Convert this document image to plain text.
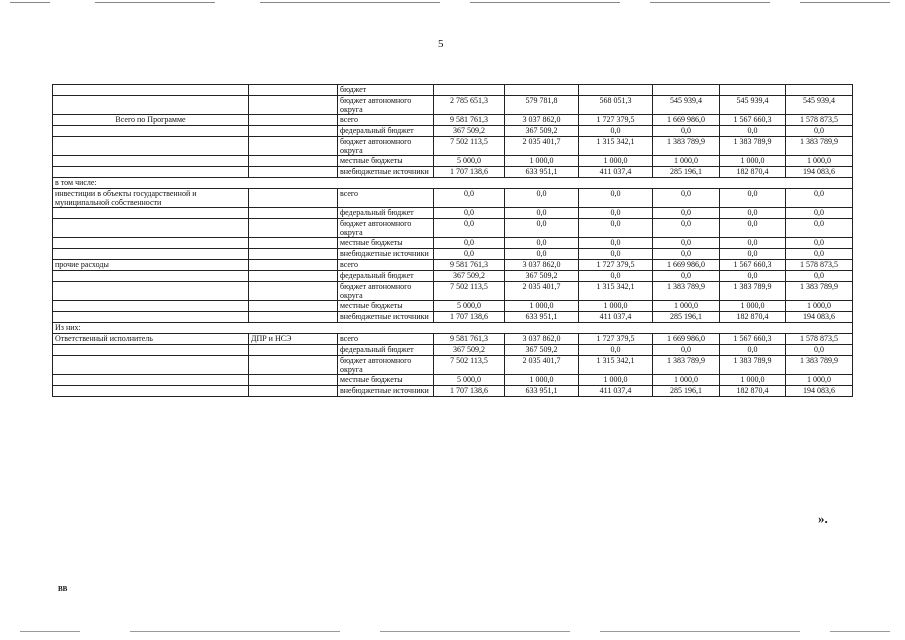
5
		бюджет						
		бюджет автономного округа	2 785 651,3	579 781,8	568 051,3	545 939,4	545 939,4	545 939,4
Всего по Программе		всего	9 581 761,3	3 037 862,0	1 727 379,5	1 669 986,0	1 567 660,3	1 578 873,5
		федеральный бюджет	367 509,2	367 509,2	0,0	0,0	0,0	0,0
		бюджет автономного округа	7 502 113,5	2 035 401,7	1 315 342,1	1 383 789,9	1 383 789,9	1 383 789,9
		местные бюджеты	5 000,0	1 000,0	1 000,0	1 000,0	1 000,0	1 000,0
		внебюджетные источники	1 707 138,6	633 951,1	411 037,4	285 196,1	182 870,4	194 083,6
в том числе:								
инвестиции в объекты государственной и муниципальной собственности		всего	0,0	0,0	0,0	0,0	0,0	0,0
		федеральный бюджет	0,0	0,0	0,0	0,0	0,0	0,0
		бюджет автономного округа	0,0	0,0	0,0	0,0	0,0	0,0
		местные бюджеты	0,0	0,0	0,0	0,0	0,0	0,0
		внебюджетные источники	0,0	0,0	0,0	0,0	0,0	0,0
прочие расходы		всего	9 581 761,3	3 037 862,0	1 727 379,5	1 669 986,0	1 567 660,3	1 578 873,5
		федеральный бюджет	367 509,2	367 509,2	0,0	0,0	0,0	0,0
		бюджет автономного округа	7 502 113,5	2 035 401,7	1 315 342,1	1 383 789,9	1 383 789,9	1 383 789,9
		местные бюджеты	5 000,0	1 000,0	1 000,0	1 000,0	1 000,0	1 000,0
		внебюджетные источники	1 707 138,6	633 951,1	411 037,4	285 196,1	182 870,4	194 083,6
Из них:								
Ответственный исполнитель	ДПР и НСЭ	всего	9 581 761,3	3 037 862,0	1 727 379,5	1 669 986,0	1 567 660,3	1 578 873,5
		федеральный бюджет	367 509,2	367 509,2	0,0	0,0	0,0	0,0
		бюджет автономного округа	7 502 113,5	2 035 401,7	1 315 342,1	1 383 789,9	1 383 789,9	1 383 789,9
		местные бюджеты	5 000,0	1 000,0	1 000,0	1 000,0	1 000,0	1 000,0
		внебюджетные источники	1 707 138,6	633 951,1	411 037,4	285 196,1	182 870,4	194 083,6
».
ВВ
